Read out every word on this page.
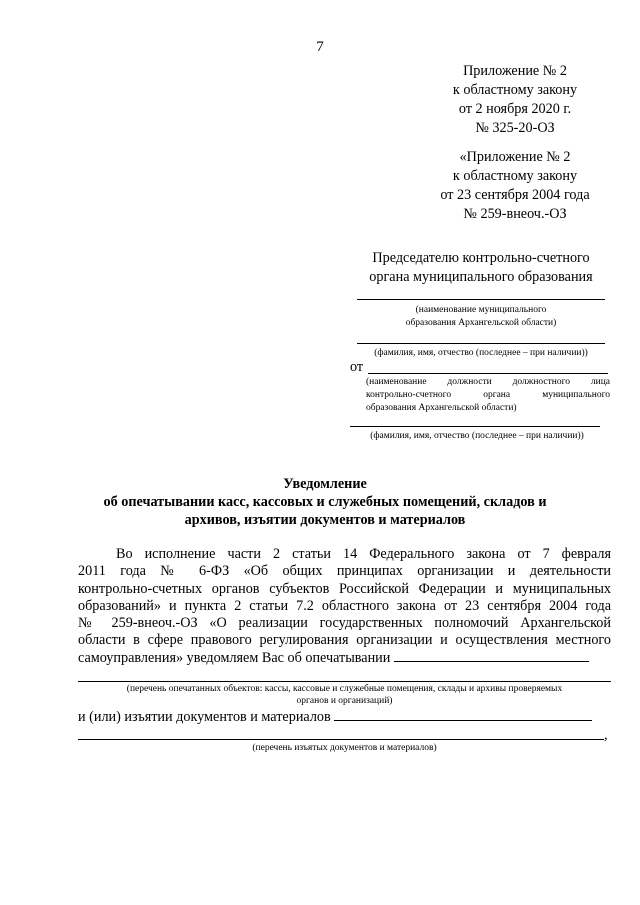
7
Приложение № 2
к областному закону
от 2 ноября 2020 г.
№ 325-20-ОЗ
«Приложение № 2
к областному закону
от 23 сентября 2004 года
№ 259-внеоч.-ОЗ
Председателю контрольно-счетного
органа муниципального образования
(наименование муниципального
образования Архангельской области)
(фамилия, имя, отчество (последнее – при наличии))
от
(наименование должности должностного лица
контрольно-счетного органа муниципального
образования Архангельской области)
(фамилия, имя, отчество (последнее – при наличии))
Уведомление
об опечатывании касс, кассовых и служебных помещений, складов и
архивов, изъятии документов и материалов
Во исполнение части 2 статьи 14 Федерального закона от 7 февраля
2011 года № 6-ФЗ «Об общих принципах организации и деятельности
контрольно-счетных органов субъектов Российской Федерации и муниципальных
образований» и пункта 2 статьи 7.2 областного закона от 23 сентября 2004 года
№ 259-внеоч.-ОЗ «О реализации государственных полномочий Архангельской
области в сфере правового регулирования организации и осуществления местного
самоуправления» уведомляем Вас об опечатывании
(перечень опечатанных объектов: кассы, кассовые и служебные помещения, склады и архивы проверяемых
органов и организаций)
и (или) изъятии документов и материалов
,
(перечень изъятых документов и материалов)
